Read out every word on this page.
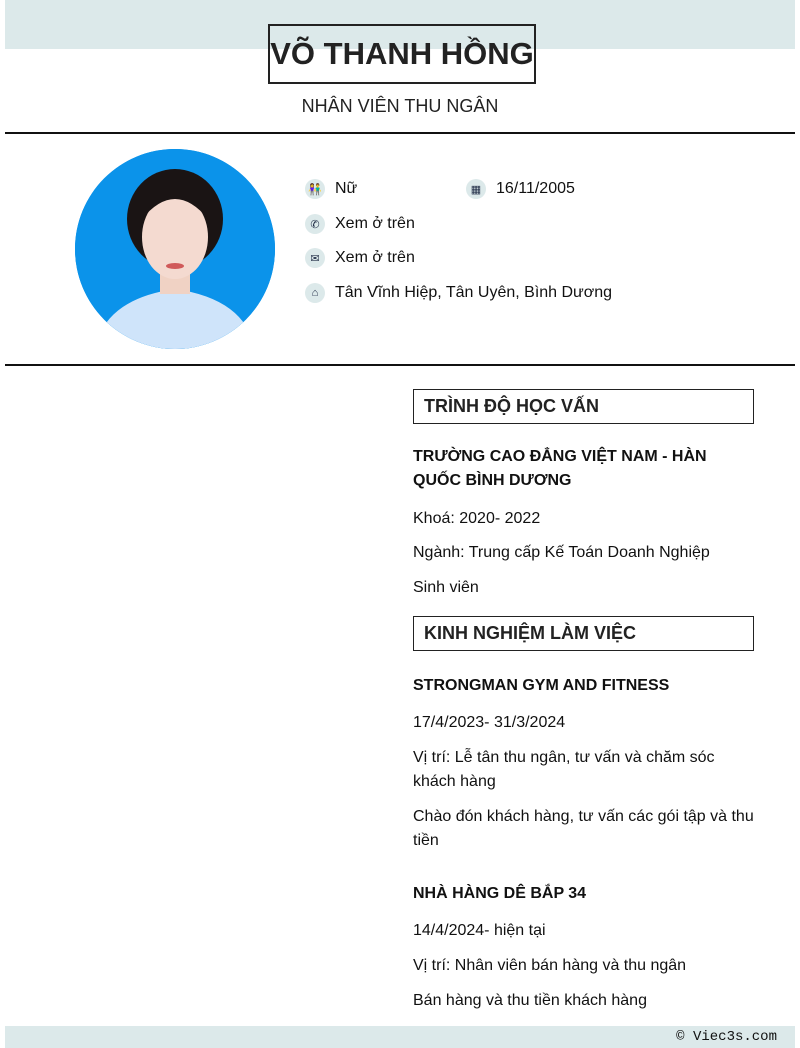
VÕ THANH HỒNG
NHÂN VIÊN THU NGÂN
👫 Nữ	▦ 16/11/2005
✆ Xem ở trên
✉ Xem ở trên
⌂	Tân Vĩnh Hiệp, Tân Uyên, Bình Dương
TRÌNH ĐỘ HỌC VẤN
TRƯỜNG CAO ĐẲNG VIỆT NAM - HÀN QUỐC BÌNH DƯƠNG
Khoá: 2020- 2022
Ngành: Trung cấp Kế Toán Doanh Nghiệp
Sinh viên
KINH NGHIỆM LÀM VIỆC
STRONGMAN GYM AND FITNESS
17/4/2023- 31/3/2024
Vị trí: Lễ tân thu ngân, tư vấn và chăm sóc khách hàng
Chào đón khách hàng, tư vấn các gói tập và thu tiền
NHÀ HÀNG DÊ BẮP 34
14/4/2024- hiện tại
Vị trí: Nhân viên bán hàng và thu ngân
Bán hàng và thu tiền khách hàng
© Viec3s.com
